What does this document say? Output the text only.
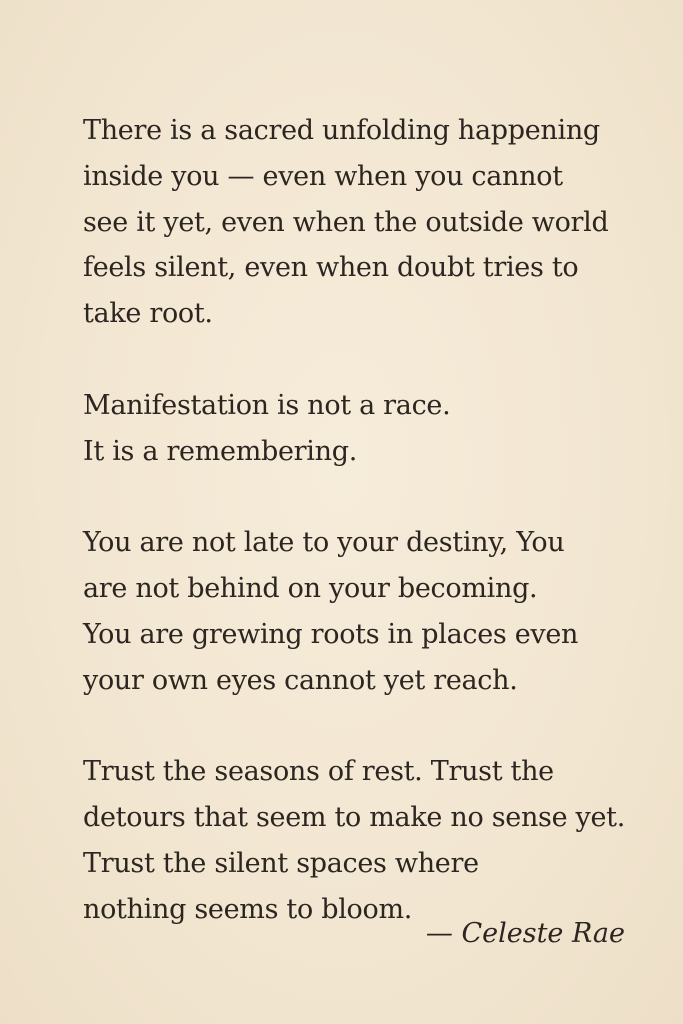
There is a sacred unfolding happening
inside you — even when you cannot
see it yet, even when the outside world
feels silent, even when doubt tries to
take root.
Manifestation is not a race.
It is a remembering.
You are not late to your destiny, You
are not behind on your becoming.
You are grewing roots in places even
your own eyes cannot yet reach.
Trust the seasons of rest. Trust the
detours that seem to make no sense yet.
Trust the silent spaces where
nothing seems to bloom.
— Celeste Rae
